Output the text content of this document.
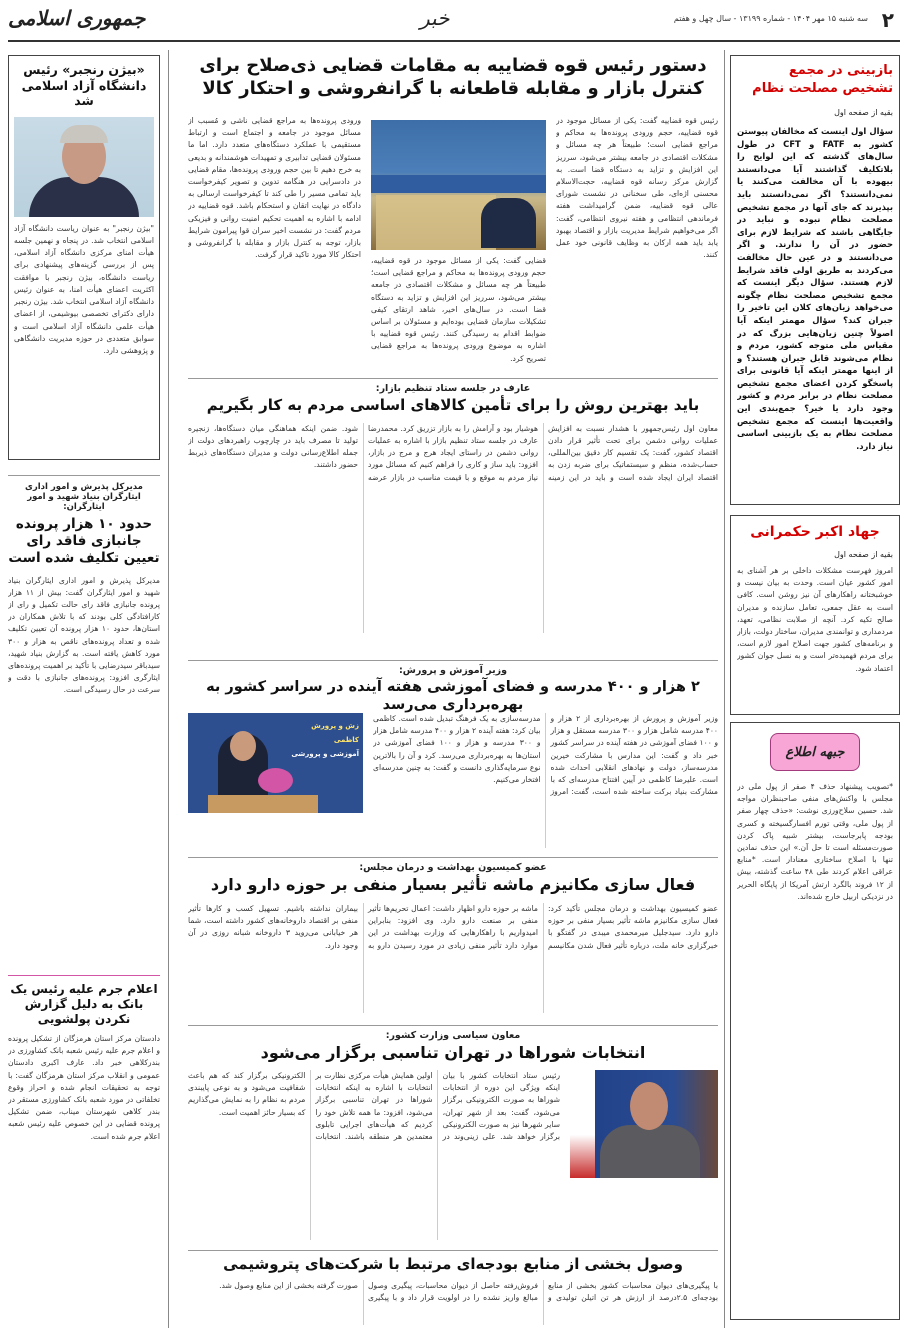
۲
سه شنبه ۱۵ مهر ۱۴۰۴ - شماره ۱۳۱۹۹ - سال چهل و هفتم
خبر
جمهوری اسلامی
بازبینی در مجمع تشخیص مصلحت نظام
بقیه از صفحه اول
سؤال اول اینست که مخالفان پیوستن کشور به FATF و CFT در طول سال‌های گذشته که این لوایح را بلاتکلیف گذاشتند آیا می‌دانستند بیهوده با آن مخالفت می‌کنند یا نمی‌دانستند؟ اگر نمی‌دانستند باید بپذیرند که جای آنها در مجمع تشخیص مصلحت نظام نبوده و نباید در جایگاهی باشند که شرایط لازم برای حضور در آن را ندارند. و اگر می‌دانستند و در عین حال مخالفت می‌کردند به طریق اولی فاقد شرایط لازم هستند. سؤال دیگر اینست که مجمع تشخیص مصلحت نظام چگونه می‌خواهد زیان‌های کلان این تاخیر را جبران کند؟ سؤال مهمتر اینکه آیا اصولاً چنین زیان‌هایی بزرگ که در مقیاس ملی متوجه کشور، مردم و نظام می‌شوند قابل جبران هستند؟ و از اینها مهمتر اینکه آیا قانونی برای پاسخگو کردن اعضای مجمع تشخیص مصلحت نظام در برابر مردم و کشور وجود دارد یا خیر؟ جمع‌بندی این واقعیت‌ها اینست که مجمع تشخیص مصلحت نظام به یک بازبینی اساسی نیاز دارد.
جهاد اکبر حکمرانی
بقیه از صفحه اول
امروز فهرست مشکلات داخلی بر هر آشنای به امور کشور عیان است. وحدت به بیان نیست و خوشبختانه راهکارهای آن نیز روشن است. کافی است به عقل جمعی، تعامل سازنده و مدیران صالح تکیه کرد. آنچه از صلابت نظامی، تعهد، مردمداری و توانمندی مدیران، ساختار دولت، بازار و برنامه‌های کشور جهت اصلاح امور لازم است، برای مردم فهمیده‌تر است و به نسل جوان کشور اعتماد شود.
جبهه اطلاع
*تصویب پیشنهاد حذف ۴ صفر از پول ملی در مجلس با واکنش‌های منفی صاحبنظران مواجه شد. حسین سلاح‌ورزی نوشت: «حذف چهار صفر از پول ملی، وقتی تورم افسارگسیخته و کسری بودجه پابرجاست، بیشتر شبیه پاک کردن صورت‌مسئله است تا حل آن.» این حذف نمادین تنها با اصلاح ساختاری معنادار است. *منابع عراقی اعلام کردند طی ۴۸ ساعت گذشته، بیش از ۱۲ فروند بالگرد ارتش آمریکا از پایگاه الحریر در نزدیکی اربیل خارج شده‌اند.
دستور رئیس قوه قضاییه به مقامات قضایی ذی‌صلاح برای کنترل بازار و مقابله قاطعانه با گرانفروشی و احتکار کالا
رئیس قوه قضاییه گفت: یکی از مسائل موجود در قوه قضاییه، حجم ورودی پرونده‌ها به محاکم و مراجع قضایی است؛ طبیعتاً هر چه مسائل و مشکلات اقتصادی در جامعه بیشتر می‌شود، سرریز این افزایش و تزاید به دستگاه قضا است. به گزارش مرکز رسانه قوه قضاییه، حجت‌الاسلام محسنی اژه‌ای، طی سخنانی در نشست شورای عالی قوه قضاییه، ضمن گرامیداشت هفته فرماندهی انتظامی و هفته نیروی انتظامی، گفت: اگر می‌خواهیم شرایط مدیریت بازار و اقتصاد بهبود یابد باید همه ارکان به وظایف قانونی خود عمل کنند.
قضایی گفت: یکی از مسائل موجود در قوه قضاییه، حجم ورودی پرونده‌ها به محاکم و مراجع قضایی است؛ طبیعتاً هر چه مسائل و مشکلات اقتصادی در جامعه بیشتر می‌شود، سرریز این افزایش و تزاید به دستگاه قضا است. در سال‌های اخیر، شاهد ارتقای کیفی تشکیلات سازمان قضایی بوده‌ایم و مسئولان بر اساس ضوابط اقدام به رسیدگی کنند. رئیس قوه قضاییه با اشاره به موضوع ورودی پرونده‌ها به مراجع قضایی تصریح کرد.
ورودی پرونده‌ها به مراجع قضایی ناشی و مُسبب از مسائل موجود در جامعه و اجتماع است و ارتباط مستقیمی با عملکرد دستگاه‌های متعدد دارد. اما ما مسئولان قضایی تدابیری و تمهیدات هوشمندانه و بدیعی به خرج دهیم تا بین حجم ورودی پرونده‌ها، مقام قضایی در دادسرایی در هنگامه تدوین و تصویر کیفرخواست باید تمامی مسیر را طی کند تا کیفرخواست ارسالی به دادگاه در نهایت اتقان و استحکام باشد. قوه قضاییه در ادامه با اشاره به اهمیت تحکیم امنیت روانی و فیزیکی مردم گفت: در نشست اخیر سران قوا پیرامون شرایط بازار، توجه به کنترل بازار و مقابله با گرانفروشی و احتکار کالا مورد تاکید قرار گرفت.
عارف در جلسه ستاد تنظیم بازار:
باید بهترین روش را برای تأمین کالاهای اساسی مردم به کار بگیریم
معاون اول رئیس‌جمهور با هشدار نسبت به افزایش عملیات روانی دشمن برای تحت تأثیر قرار دادن اقتصاد کشور، گفت: یک تقسیم کار دقیق بین‌المللی، حساب‌شده، منظم و سیستماتیک برای ضربه زدن به اقتصاد ایران ایجاد شده است و باید در این زمینه هوشیار بود و آرامش را به بازار تزریق کرد. محمدرضا عارف در جلسه ستاد تنظیم بازار با اشاره به عملیات روانی دشمن در راستای ایجاد هرج و مرج در بازار، افزود: باید ساز و کاری را فراهم کنیم که مسائل مورد نیاز مردم به موقع و با قیمت مناسب در بازار عرضه شود. ضمن اینکه هماهنگی میان دستگاه‌ها، زنجیره تولید تا مصرف باید در چارچوب راهبردهای دولت از جمله اطلاع‌رسانی دولت و مدیران دستگاه‌های ذیربط حضور داشتند.
وزیر آموزش و پرورش:
۲ هزار و ۴۰۰ مدرسه و فضای آموزشی هفته آینده در سراسر کشور به بهره‌برداری می‌رسد
وزیر آموزش و پرورش از بهره‌برداری از ۲ هزار و ۴۰۰ مدرسه شامل هزار و ۳۰۰ مدرسه مستقل و هزار و ۱۰۰ فضای آموزشی در هفته آینده در سراسر کشور خبر داد و گفت: این مدارس با مشارکت خیرین مدرسه‌ساز، دولت و نهادهای انقلابی احداث شده است. علیرضا کاظمی در آیین افتتاح مدرسه‌ای که با مشارکت بنیاد برکت ساخته شده است، گفت: امروز مدرسه‌سازی به یک فرهنگ تبدیل شده است. کاظمی بیان کرد: هفته آینده ۲ هزار و ۴۰۰ مدرسه شامل هزار و ۳۰۰ مدرسه و هزار و ۱۰۰ فضای آموزشی در استان‌ها به بهره‌برداری می‌رسد. کرد و آن را بالاترین نوع سرمایه‌گذاری دانست و گفت: به چنین مدرسه‌ای افتخار می‌کنیم.
زش و پرورش
کاظمی
آموزشی و پرورشی
عضو کمیسیون بهداشت و درمان مجلس:
فعال سازی مکانیزم ماشه تأثیر بسیار منفی بر حوزه دارو دارد
عضو کمیسیون بهداشت و درمان مجلس تأکید کرد: فعال سازی مکانیزم ماشه تأثیر بسیار منفی بر حوزه دارو دارد. سیدجلیل میرمحمدی میبدی در گفتگو با خبرگزاری خانه ملت، درباره تأثیر فعال شدن مکانیسم ماشه بر حوزه دارو اظهار داشت: اعمال تحریم‌ها تأثیر منفی بر صنعت دارو دارد. وی افزود: بنابراین امیدواریم با راهکارهایی که وزارت بهداشت در این موارد دارد تأثیر منفی زیادی در مورد رسیدن دارو به بیماران نداشته باشیم. تسهیل کسب و کارها تأثیر منفی بر اقتصاد داروخانه‌های کشور داشته است، شما هر خیابانی می‌روید ۳ داروخانه شبانه روزی در آن وجود دارد.
معاون سیاسی وزارت کشور:
انتخابات شوراها در تهران تناسبی برگزار می‌شود
رئیس ستاد انتخابات کشور با بیان اینکه ویژگی این دوره از انتخابات شوراها به صورت الکترونیکی برگزار می‌شود، گفت: بعد از شهر تهران، سایر شهرها نیز به صورت الکترونیکی برگزار خواهد شد. علی زینی‌وند در اولین همایش هیأت مرکزی نظارت بر انتخابات با اشاره به اینکه انتخابات شوراها در تهران تناسبی برگزار می‌شود، افزود: ما همه تلاش خود را کردیم که هیأت‌های اجرایی تابلوی معتمدین هر منطقه باشند. انتخابات الکترونیکی برگزار کند که هم باعث شفافیت می‌شود و به نوعی پایبندی مردم به نظام را به نمایش می‌گذاریم که بسیار حائز اهمیت است.
وصول بخشی از منابع بودجه‌ای مرتبط با شرکت‌های پتروشیمی
با پیگیری‌های دیوان محاسبات کشور بخشی از منابع بودجه‌ای ۲.۵درصد از ارزش هر تن اتیلن تولیدی و فروش‌رفته حاصل از دیوان محاسبات، پیگیری وصول مبالغ واریز نشده را در اولویت قرار داد و با پیگیری صورت گرفته بخشی از این منابع وصول شد.
«بیژن رنجبر» رئیس دانشگاه آزاد اسلامی شد
"بیژن رنجبر" به عنوان ریاست دانشگاه آزاد اسلامی انتخاب شد. در پنجاه و نهمین جلسه هیأت امنای مرکزی دانشگاه آزاد اسلامی، پس از بررسی گزینه‌های پیشنهادی برای ریاست دانشگاه، بیژن رنجبر با موافقت اکثریت اعضای هیأت امنا، به عنوان رئیس دانشگاه آزاد اسلامی انتخاب شد. بیژن رنجبر دارای دکترای تخصصی بیوشیمی، از اعضای هیأت علمی دانشگاه آزاد اسلامی است و سوابق متعددی در حوزه مدیریت دانشگاهی و پژوهشی دارد.
مدیرکل پذیرش و امور اداری ایثارگران بنیاد شهید و امور ایثارگران:
حدود ۱۰ هزار پرونده جانبازی فاقد رای تعیین تکلیف شده است
مدیرکل پذیرش و امور اداری ایثارگران بنیاد شهید و امور ایثارگران گفت: بیش از ۱۱ هزار پرونده جانبازی فاقد رای حالت تکمیل و رای از کارافتادگی کلی بودند که با تلاش همکاران در استان‌ها، حدود ۱۰ هزار پرونده آن تعیین تکلیف شده و تعداد پرونده‌های ناقص به هزار و ۳۰۰ مورد کاهش یافته است. به گزارش بنیاد شهید، سیدباقر سیدرضایی با تأکید بر اهمیت پرونده‌های ایثارگری افزود: پرونده‌های جانبازی با دقت و سرعت در حال رسیدگی است.
اعلام جرم علیه رئیس یک بانک به دلیل گزارش نکردن پولشویی
دادستان مرکز استان هرمزگان از تشکیل پرونده و اعلام جرم علیه رئیس شعبه بانک کشاورزی در بندرکلاهی خبر داد. عارف اکبری دادستان عمومی و انقلاب مرکز استان هرمزگان گفت: با توجه به تحقیقات انجام شده و احراز وقوع تخلفاتی در مورد شعبه بانک کشاورزی مستقر در بندر کلاهی شهرستان میناب، ضمن تشکیل پرونده قضایی در این خصوص علیه رئیس شعبه اعلام جرم شده است.
